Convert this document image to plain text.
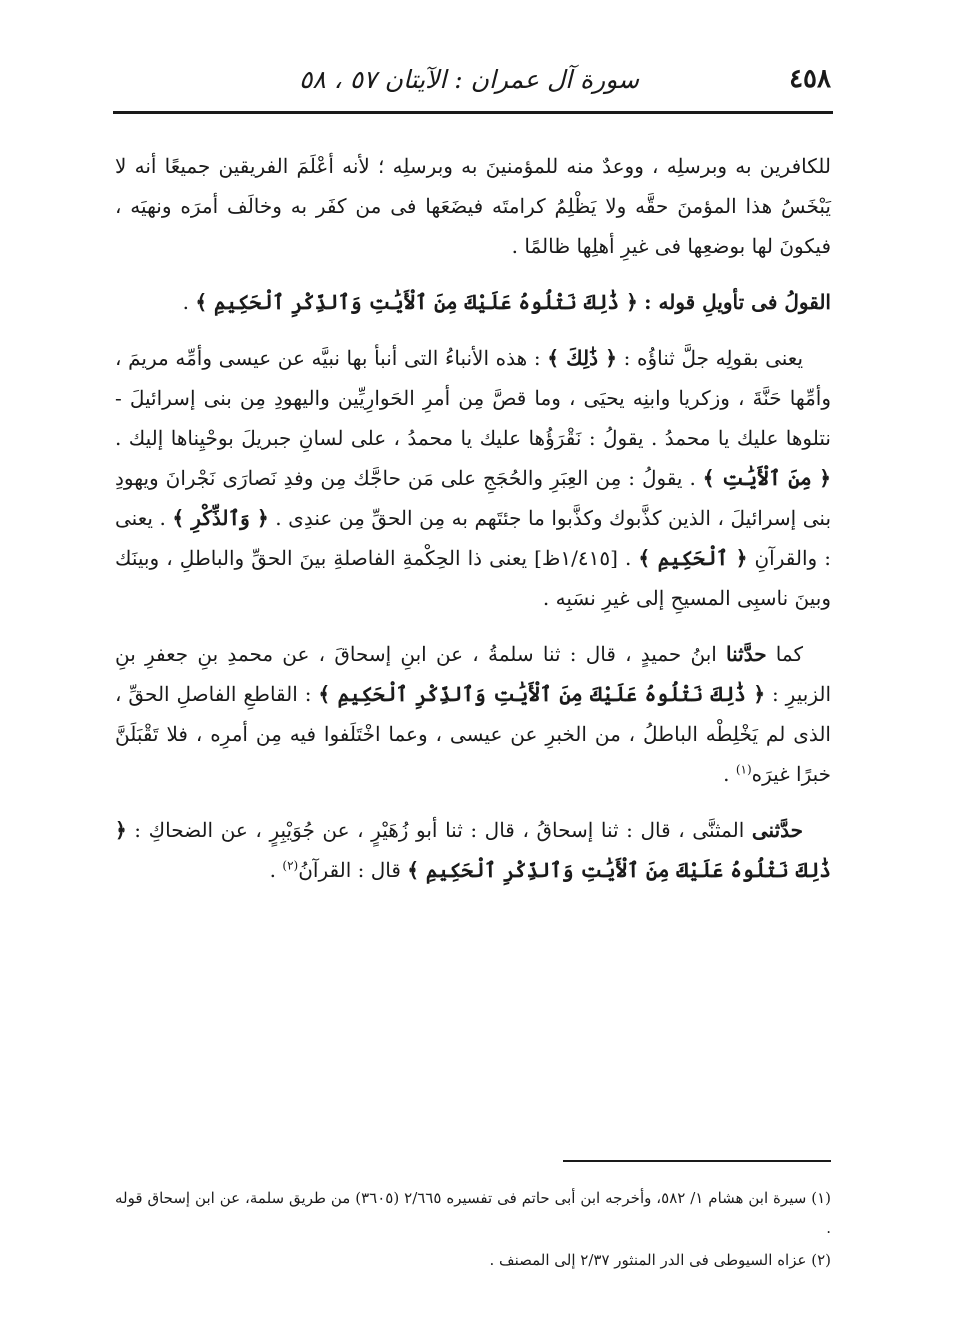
٤٥٨
سورة آل عمران : الآيتان ٥٧ ، ٥٨

للكافرين به وبرسلِه ، ووعدٌ منه للمؤمنينَ به وبرسلِه ؛ لأنه أعْلَمَ الفريقين جميعًا أنه لا يَبْخَسُ هذا المؤمنَ حقَّه ولا يَظْلِمُ كرامتَه فيضَعَها فى من كفَر به وخالَف أمرَه ونهيَه ، فيكونَ لها بوضعِها فى غيرِ أهلِها ظالمًا .

القولُ فى تأويلِ قوله : ﴿ ذَٰلِكَ نَتْلُوهُ عَلَيْكَ مِنَ ٱلْأَيَٰتِ وَٱلذِّكْرِ ٱلْحَكِيمِ ﴾ .

يعنى بقولِه جلَّ ثناؤُه : ﴿ ذَٰلِكَ ﴾ : هذه الأنباءُ التى أنبأ بها نبيَّه عن عيسى وأمِّه مريمَ ، وأمِّها حَنَّةَ ، وزكريا وابنِه يحيَى ، وما قصَّ مِن أمرِ الحَوارِيِّين واليهودِ مِن بنى إسرائيلَ - نتلوها عليك يا محمدُ . يقولُ : نَقْرَؤُها عليك يا محمدُ ، على لسانِ جبريلَ بوحْيِناها إليك . ﴿ مِنَ ٱلْأَيَٰتِ ﴾ . يقولُ : مِن العِبَرِ والحُجَجِ على مَن حاجَّك مِن وفدِ نَصارَى نَجْرانَ ويهودِ بنى إسرائيلَ ، الذين كذَّبوك وكذَّبوا ما جئتَهم به مِن الحقِّ مِن عندِى . ﴿ وَٱلذِّكْرِ ﴾ . يعنى : والقرآنِ ﴿ ٱلْحَكِيمِ ﴾ . [١/٤١٥ظ] يعنى ذا الحِكْمةِ الفاصلةِ بينَ الحقِّ والباطلِ ، وبينَك وبينَ ناسبِى المسيحِ إلى غيرِ نسَبِه .

كما حدَّثنا ابنُ حميدٍ ، قال : ثنا سلمةُ ، عن ابنِ إسحاقَ ، عن محمدِ بنِ جعفرِ بنِ الزبيرِ : ﴿ ذَٰلِكَ نَتْلُوهُ عَلَيْكَ مِنَ ٱلْأَيَٰتِ وَٱلذِّكْرِ ٱلْحَكِيمِ ﴾ : القاطعِ الفاصلِ الحقِّ ، الذى لم يَخْلِطْه الباطلُ ، من الخبرِ عن عيسى ، وعما اخْتَلَفوا فيه مِن أمرِه ، فلا تَقْبَلَنَّ خبرًا غيرَه$^{(١)}$ .

حدَّثنى المثنَّى ، قال : ثنا إسحاقُ ، قال : ثنا أبو زُهَيْرٍ ، عن جُوَيْبِرٍ ، عن الضحاكِ : ﴿ ذَٰلِكَ نَتْلُوهُ عَلَيْكَ مِنَ ٱلْأَيَٰتِ وَٱلذِّكْرِ ٱلْحَكِيمِ ﴾ قال : القرآنُ$^{(٢)}$ .

(١) سيرة ابن هشام ١/ ٥٨٢، وأخرجه ابن أبى حاتم فى تفسيره ٢/٦٦٥ (٣٦٠٥) من طريق سلمة، عن ابن إسحاق قوله .

(٢) عزاه السيوطى فى الدر المنثور ٢/٣٧ إلى المصنف .
